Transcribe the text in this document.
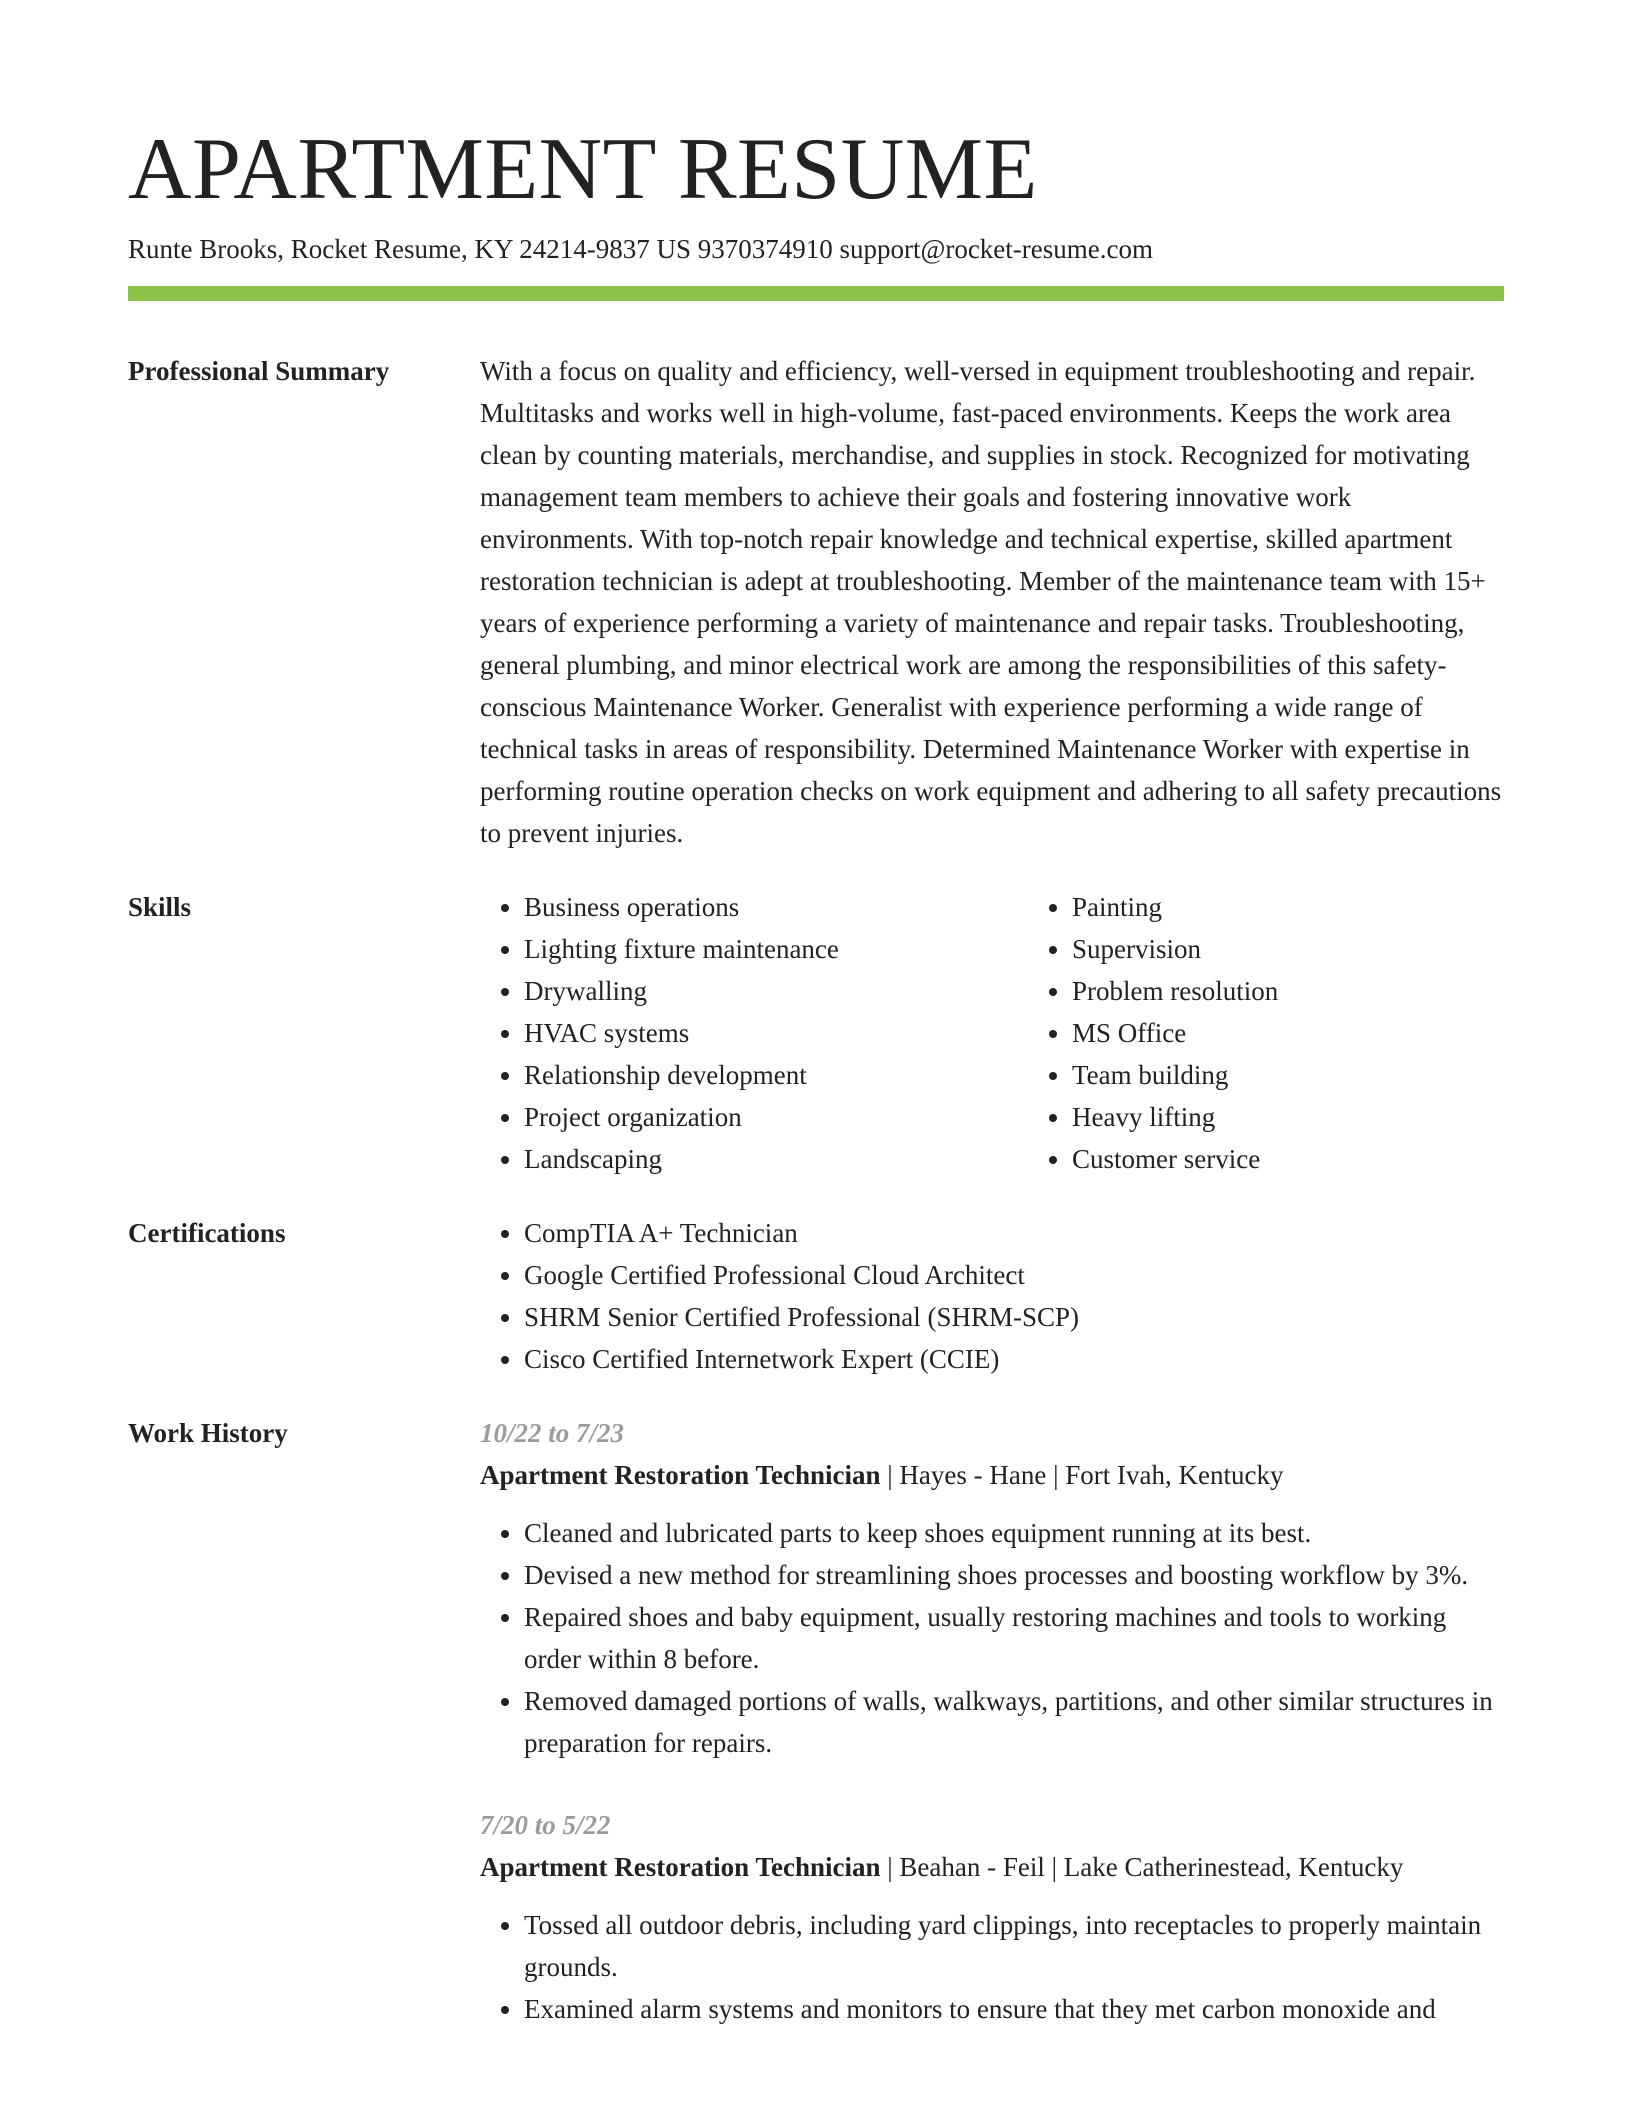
APARTMENT RESUME
Runte Brooks, Rocket Resume, KY 24214-9837 US 9370374910 support@rocket-resume.com
Professional Summary	With a focus on quality and efficiency, well-versed in equipment troubleshooting and repair. Multitasks and works well in high-volume, fast-paced environments. Keeps the work area clean by counting materials, merchandise, and supplies in stock. Recognized for motivating management team members to achieve their goals and fostering innovative work environments. With top-notch repair knowledge and technical expertise, skilled apartment restoration technician is adept at troubleshooting. Member of the maintenance team with 15+ years of experience performing a variety of maintenance and repair tasks. Troubleshooting, general plumbing, and minor electrical work are among the responsibilities of this safety-conscious Maintenance Worker. Generalist with experience performing a wide range of technical tasks in areas of responsibility. Determined Maintenance Worker with expertise in performing routine operation checks on work equipment and adhering to all safety precautions to prevent injuries.

Skills	• Business operations
• Lighting fixture maintenance
• Drywalling
• HVAC systems
• Relationship development
• Project organization
• Landscaping
• Painting
• Supervision
• Problem resolution
• MS Office
• Team building
• Heavy lifting
• Customer service
Certifications	• CompTIA A+ Technician
• Google Certified Professional Cloud Architect
• SHRM Senior Certified Professional (SHRM-SCP)
• Cisco Certified Internetwork Expert (CCIE)
Work History	10/22 to 7/23
Apartment Restoration Technician | Hayes - Hane | Fort Ivah, Kentucky
• Cleaned and lubricated parts to keep shoes equipment running at its best.
• Devised a new method for streamlining shoes processes and boosting workflow by 3%.
• Repaired shoes and baby equipment, usually restoring machines and tools to working order within 8 before.
• Removed damaged portions of walls, walkways, partitions, and other similar structures in preparation for repairs.
7/20 to 5/22
Apartment Restoration Technician | Beahan - Feil | Lake Catherinestead, Kentucky
• Tossed all outdoor debris, including yard clippings, into receptacles to properly maintain grounds.
• Examined alarm systems and monitors to ensure that they met carbon monoxide and
